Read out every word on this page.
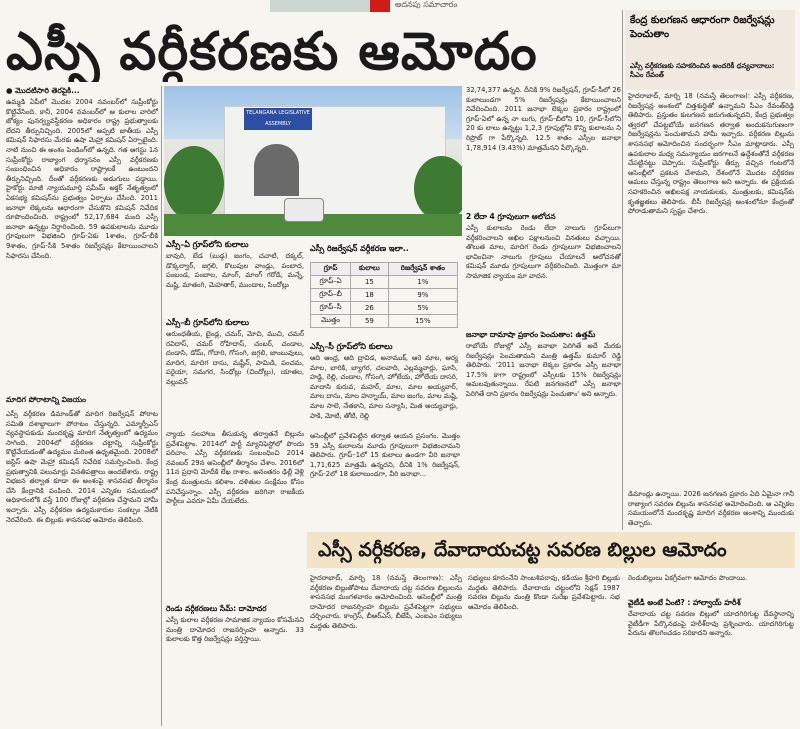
అదనపు సమాచారం
ఎస్సీ వర్గీకరణకు ఆమోదం
● మొదటిసారి తెరపైకి...
ఉమ్మడి ఏపీలో మొదట 2004 నవంబర్‌లో సుప్రీంకోర్టు కొట్టివేసింది. కానీ, 2004 నవంబర్‌లో ఆ కులాల వారిలో జోక్యం పునర్వ్యవస్థీకరణ అధికారం రాష్ట్ర ప్రభుత్వాలకు లేదని తీర్పునిచ్చింది. 2005లో అప్పటి జాతీయ ఎస్సీ కమిషన్ సిఫారసు మేరకు ఉషా మెహ్రా కమిషన్ ఏర్పాటైంది. నాటి నుంచి ఈ అంశం పెండింగ్‌లో ఉన్నది. గత ఆగస్టు 1న సుప్రీంకోర్టు రాజ్యాంగ ధర్మాసనం ఎస్సీ వర్గీకరణకు సంబంధించిన అధికారం రాష్ట్రాలకే ఉంటుందని తీర్పునిచ్చింది. దీంతో వర్గీకరణకు అడుగులు పడ్డాయి. హైకోర్టు మాజీ న్యాయమూర్తి షమీమ్ అక్తర్ నేతృత్వంలో ఏకసభ్య కమిషన్‌ను ప్రభుత్వం ఏర్పాటు చేసింది. 2011 జనాభా లెక్కలను ఆధారంగా చేసుకొని కమిషన్ నివేదిక రూపొందించింది. రాష్ట్రంలో 52,17,684 మంది ఎస్సీ జనాభా ఉన్నట్టు నిర్ధారించింది. 59 ఉపకులాలను మూడు గ్రూపులుగా విభజించి గ్రూప్-ఏకు 1శాతం, గ్రూప్-బీకి 9శాతం, గ్రూప్-సీకి 5శాతం రిజర్వేషన్లు కేటాయించాలని సిఫారసు చేసింది.
మాదిగ పోరాటాన్ని విజయం
ఎస్సీ వర్గీకరణ డిమాండ్‌తో మాదిగ రిజర్వేషన్ పోరాట సమితి దశాబ్దాలుగా పోరాటం చేస్తున్నది. ఎమ్మార్పీఎస్ వ్యవస్థాపకుడు మందకృష్ణ మాదిగ నేతృత్వంలో ఉద్యమం సాగింది. 2004లో వర్గీకరణ చట్టాన్ని సుప్రీంకోర్టు కొట్టివేయడంతో ఉద్యమం మరింత ఉధృతమైంది. 2008లో జస్టిస్ ఉషా మెహ్రా కమిషన్ నివేదిక సమర్పించింది. కేంద్ర ప్రభుత్వానికి పలుమార్లు వినతిపత్రాలు అందజేశారు. రాష్ట్ర విభజన తర్వాత కూడా ఈ అంశంపై శాసనసభ తీర్మానం చేసి కేంద్రానికి పంపింది. 2014 ఎన్నికల సమయంలో అధికారంలోకి వస్తే 100 రోజుల్లో వర్గీకరణ చేస్తామని హామీ ఇచ్చారు. ఎస్సీ వర్గీకరణ ఉద్యమకారుల సంకల్పం నేటికి నెరవేరింది. ఈ బిల్లుకు శాసనసభ ఆమోదం తెలిపింది.
TELANGANA LEGISLATIVE ASSEMBLY
ఎస్సీ–ఏ గ్రూప్‌లోని కులాలు
బావురి, బేడ (బుడ్గ) జంగం, చచాటి, దక్కల్, డొక్కల్వార్, జగ్గలి, కొలుపుల వాండ్లు, పంబాద, పంబండ, పంబాల, మాంగ్, మాంగ్ గరోడి, మన్నే, మష్టి, మాతంగి, మెహతార్, ముండాల, సిందోల్లు
ఎస్సీ–బీ గ్రూప్‌లోని కులాలు
అరుంధతీయ, బైండ్ల, చమర్, మోచి, ముచి, చమర్ రవిదాస్, చమర్ రోహిదాస్, చంబర్, చండాల, దండాసి, డోమ్, గోదారి, గోసంగి, జగ్గలి, జాంబువులు, మాదిగ, మాదిగ దాసు, మష్టీన్, పామిడి, పంచమ, పరైయా, సమగర, సింధోల్లు (చిందోల్లు), యాతల, వల్లువన్
ఎస్సీ రిజర్వేషన్ వర్గీకరణ ఇలా..
గ్రూప్	కులాలు	రిజర్వేషన్ శాతం
గ్రూప్–ఏ	15	1%
గ్రూప్–బీ	18	9%
గ్రూప్–సీ	26	5%
మొత్తం	59	15%
ఎస్సీ–సీ గ్రూప్‌లోని కులాలు
ఆది ఆంధ్ర, ఆది ద్రావిడ, అనాముక్, ఆరె మాల, ఆర్య మాల, బారికి, బ్యాగర, చలవాది, ఎల్లమ్మవార్లు, ఘాసి, హడ్డి, రెల్లి, చండాల, గోసంగి, హోలేయ, హోలేయ దాసరి, మాదాసి కురువ, మహర్, మాల, మాల అయ్యవార్, మాల దాసు, మాల హన్నాయ్, మాల జంగం, మాల మష్టి, మాల సాలె, నేతకాని, మాల సన్యాసి, మిత అయ్యవార్లు, పాకి, మోటి, తోటి, రెల్లి
32,74,377 ఉన్నది. దీనికి 9% రిజర్వేషన్, గ్రూప్-సీలో 26 కులాలుండగా 5% రిజర్వేషన్లు కేటాయించాలని నివేదించింది. 2011 జనాభా లెక్కల ప్రకారం రాష్ట్రంలో గ్రూప్-ఏలో ఉన్న నా లుగు, గ్రూప్-బీలోని 10, గ్రూప్-సీలోని 20 కు లాలు ఉన్నట్టు 1,2,3 గ్రూపుల్లోని కొన్ని కులాలను ని రిప్రొట్ గా పేర్కొన్నది. 12.5 శాతం ఎస్సీల జనాభా 1,78,914 (3.43%) మాత్రమేనని పేర్కొన్నది.
2 లేదా 4 గ్రూపులుగా ఆలోచన
ఎస్సీ కులాలను రెండు లేదా నాలుగు గ్రూప్‌లుగా వర్గీకరించాలని అఖిల పక్షాలనుంచి వినతులు వచ్చాయి. తొలుత మాల, మాదిగ రెండు గ్రూపులుగా విభజించాలని భావించినా నాలుగు గ్రూపులు చేయాలనే ఆలోచనతో కమిషన్ మూడు గ్రూపులుగా వర్గీకరించింది. మొత్తంగా మా సామాజిక న్యాయం మా వాదన.
జనాభా దామాషా ప్రకారం పెంచుతాం: ఉత్తమ్
రాబోయే రోజుల్లో ఎస్సీ జనాభా పెరిగితే అదే మేరకు రిజర్వేషన్లు పెంచుతామని మంత్రి ఉత్తమ్ కుమార్ రెడ్డి తెలిపారు. '2011 జనాభా లెక్కల ప్రకారం ఎస్సీ జనాభా 17.5% కాగా రాష్ట్రంలో ఎస్సీలకు 15% రిజర్వేషన్లు అమలవుతున్నాయి. రేపటి జనగణనలో ఎస్సీ జనాభా పెరిగితే దాని ప్రకారం రిజర్వేషన్లు పెంచుతాం' అని అన్నారు.
న్యాయ సలహాలు తీసుకున్న తర్వాతనే బిల్లును ప్రవేశపెట్టాం. 2014లో పార్టీ మ్యానిఫెస్టోలో పొందు పరిచాం. ఎస్సీ వర్గీకరణకు సంబంధించి 2014 నవంబర్ 29న అసెంబ్లీలో తీర్మానం చేశాం. 2016లో 11న ప్రధాని మోదీకి లేఖ రాశాం. అనంతరం ఢిల్లీ వెళ్లి కేంద్ర మంత్రులను కలిశాం. దళితుల సంక్షేమం కోసం పనిచేస్తున్నాం. ఎస్సీ వర్గీకరణ జరిగినా రాజకీయ పార్టీలు ఎవరూ ఏమీ చేయలేదు.
రెండు వర్గీకరణలు సేమ్: దామోదర
ఎస్సీ కులాల వర్గీకరణ సామాజిక న్యాయం కోసమేనని మంత్రి దామోదర రాజనర్సింహ అన్నారు. 33 కులాలకు కొత్త రిజర్వేషన్లు వర్తిస్తాయి.
అసెంబ్లీలో ప్రవేశపెట్టిన తర్వాత ఆయన ప్రసంగం. మొత్తం 59 ఎస్సీ కులాలను మూడు గ్రూపులుగా విభజించామని తెలిపారు. గ్రూప్–1లో 15 కులాలు ఉండగా వీరి జనాభా 1,71,625 మాత్రమే ఉన్నదని, దీనికి 1% రిజర్వేషన్, గ్రూప్-2లో 18 కులాలుండగా, వీరి జనాభా...
డిమాండ్లు ఉన్నాయి. 2026 జనగణన ప్రకారం ఏది ఏమైనా గానీ రాజ్యాంగ సవరణ బిల్లును శాసనసభ ఆమోదించింది. ఆ ఎన్నికల సమయంలోనే మందకృష్ణ మాదిగ వర్గీకరణ అంశాన్ని ముందుకు తెచ్చారు.
కేంద్ర కులగణన ఆధారంగా రిజర్వేషన్లు పెంచుతాం
ఎస్సీ వర్గీకరణకు సహకరించిన అందరికీ ధన్యవాదాలు: సీఎం రేవంత్
హైదరాబాద్, మార్చి 18 (నమస్తే తెలంగాణ): ఎస్సీ వర్గీకరణ, రిజర్వేషన్ల అంశంలో చిత్తశుద్ధితో ఉన్నామని సీఎం రేవంత్‌రెడ్డి తెలిపారు. ప్రస్తుతం కులగణన జరుగుతున్నదని, కేంద్ర ప్రభుత్వం త్వరలో చేపట్టబోయే జనగణన తర్వాత అందుకనుగుణంగా రిజర్వేషన్లను పెంచుతామని హామీ ఇచ్చారు. వర్గీకరణ బిల్లును శాసనసభ ఆమోదించిన సందర్భంగా సీఎం మాట్లాడారు. ఎస్సీ ఉపకులాల మధ్య సమన్యాయం జరగాలనే ఉద్దేశంతోనే వర్గీకరణ చేపట్టినట్టు చెప్పారు. సుప్రీంకోర్టు తీర్పు వచ్చిన గంటలోనే అసెంబ్లీలో ప్రకటన చేశామని, దేశంలోనే మొదట వర్గీకరణ అమలు చేస్తున్న రాష్ట్రం తెలంగాణ అని అన్నారు. ఈ ప్రక్రియకు సహకరించిన అఖిలపక్ష నాయకులకు, మంత్రులకు, కమిషన్‌కు కృతజ్ఞతలు తెలిపారు. బీసీ రిజర్వేషన్ల అంశంలోనూ కేంద్రంతో పోరాడుతామని స్పష్టం చేశారు.
ఎస్సీ వర్గీకరణ, దేవాదాయచట్ట సవరణ బిల్లుల ఆమోదం
హైదరాబాద్, మార్చి 18 (నమస్తే తెలంగాణ): ఎస్సీ వర్గీకరణ బిల్లుతోపాటు దేవాదాయ చట్ట సవరణ బిల్లులను శాసనసభ మంగళవారం ఆమోదించింది. అసెంబ్లీలో మంత్రి దామోదర రాజనర్సింహ బిల్లును ప్రవేశపెట్టగా సభ్యులు చర్చించారు. కాంగ్రెస్, బీఆర్‌ఎస్, బీజేపీ, ఎంఐఎం సభ్యులు మద్దతు తెలిపారు.
సభ్యులు కూనంనేని సాంబశివరావు, కడియం శ్రీహరి బిల్లుకు మద్దతు తెలిపారు. దేవాదాయ చట్టంలోని సెక్షన్ 1987 సవరణ బిల్లును మంత్రి కొండా సురేఖ ప్రవేశపెట్టారు. సభ ఆమోదం తెలిపింది.
రెండుబిల్లులు ఏకగ్రీవంగా ఆమోదం పొందాయి.
వైటీడీ అంటే ఏంటి? : హాల్వాయ్ హరీశ్
దేవాదాయ చట్ట సవరణ బిల్లులో యాదగిరిగుట్ట దేవస్థానాన్ని వైటీడీగా పేర్కొనడంపై హరీశ్‌రావు ప్రశ్నించారు. యాదగిరిగుట్ట పేరును తొలగించడం సరికాదని అన్నారు.
